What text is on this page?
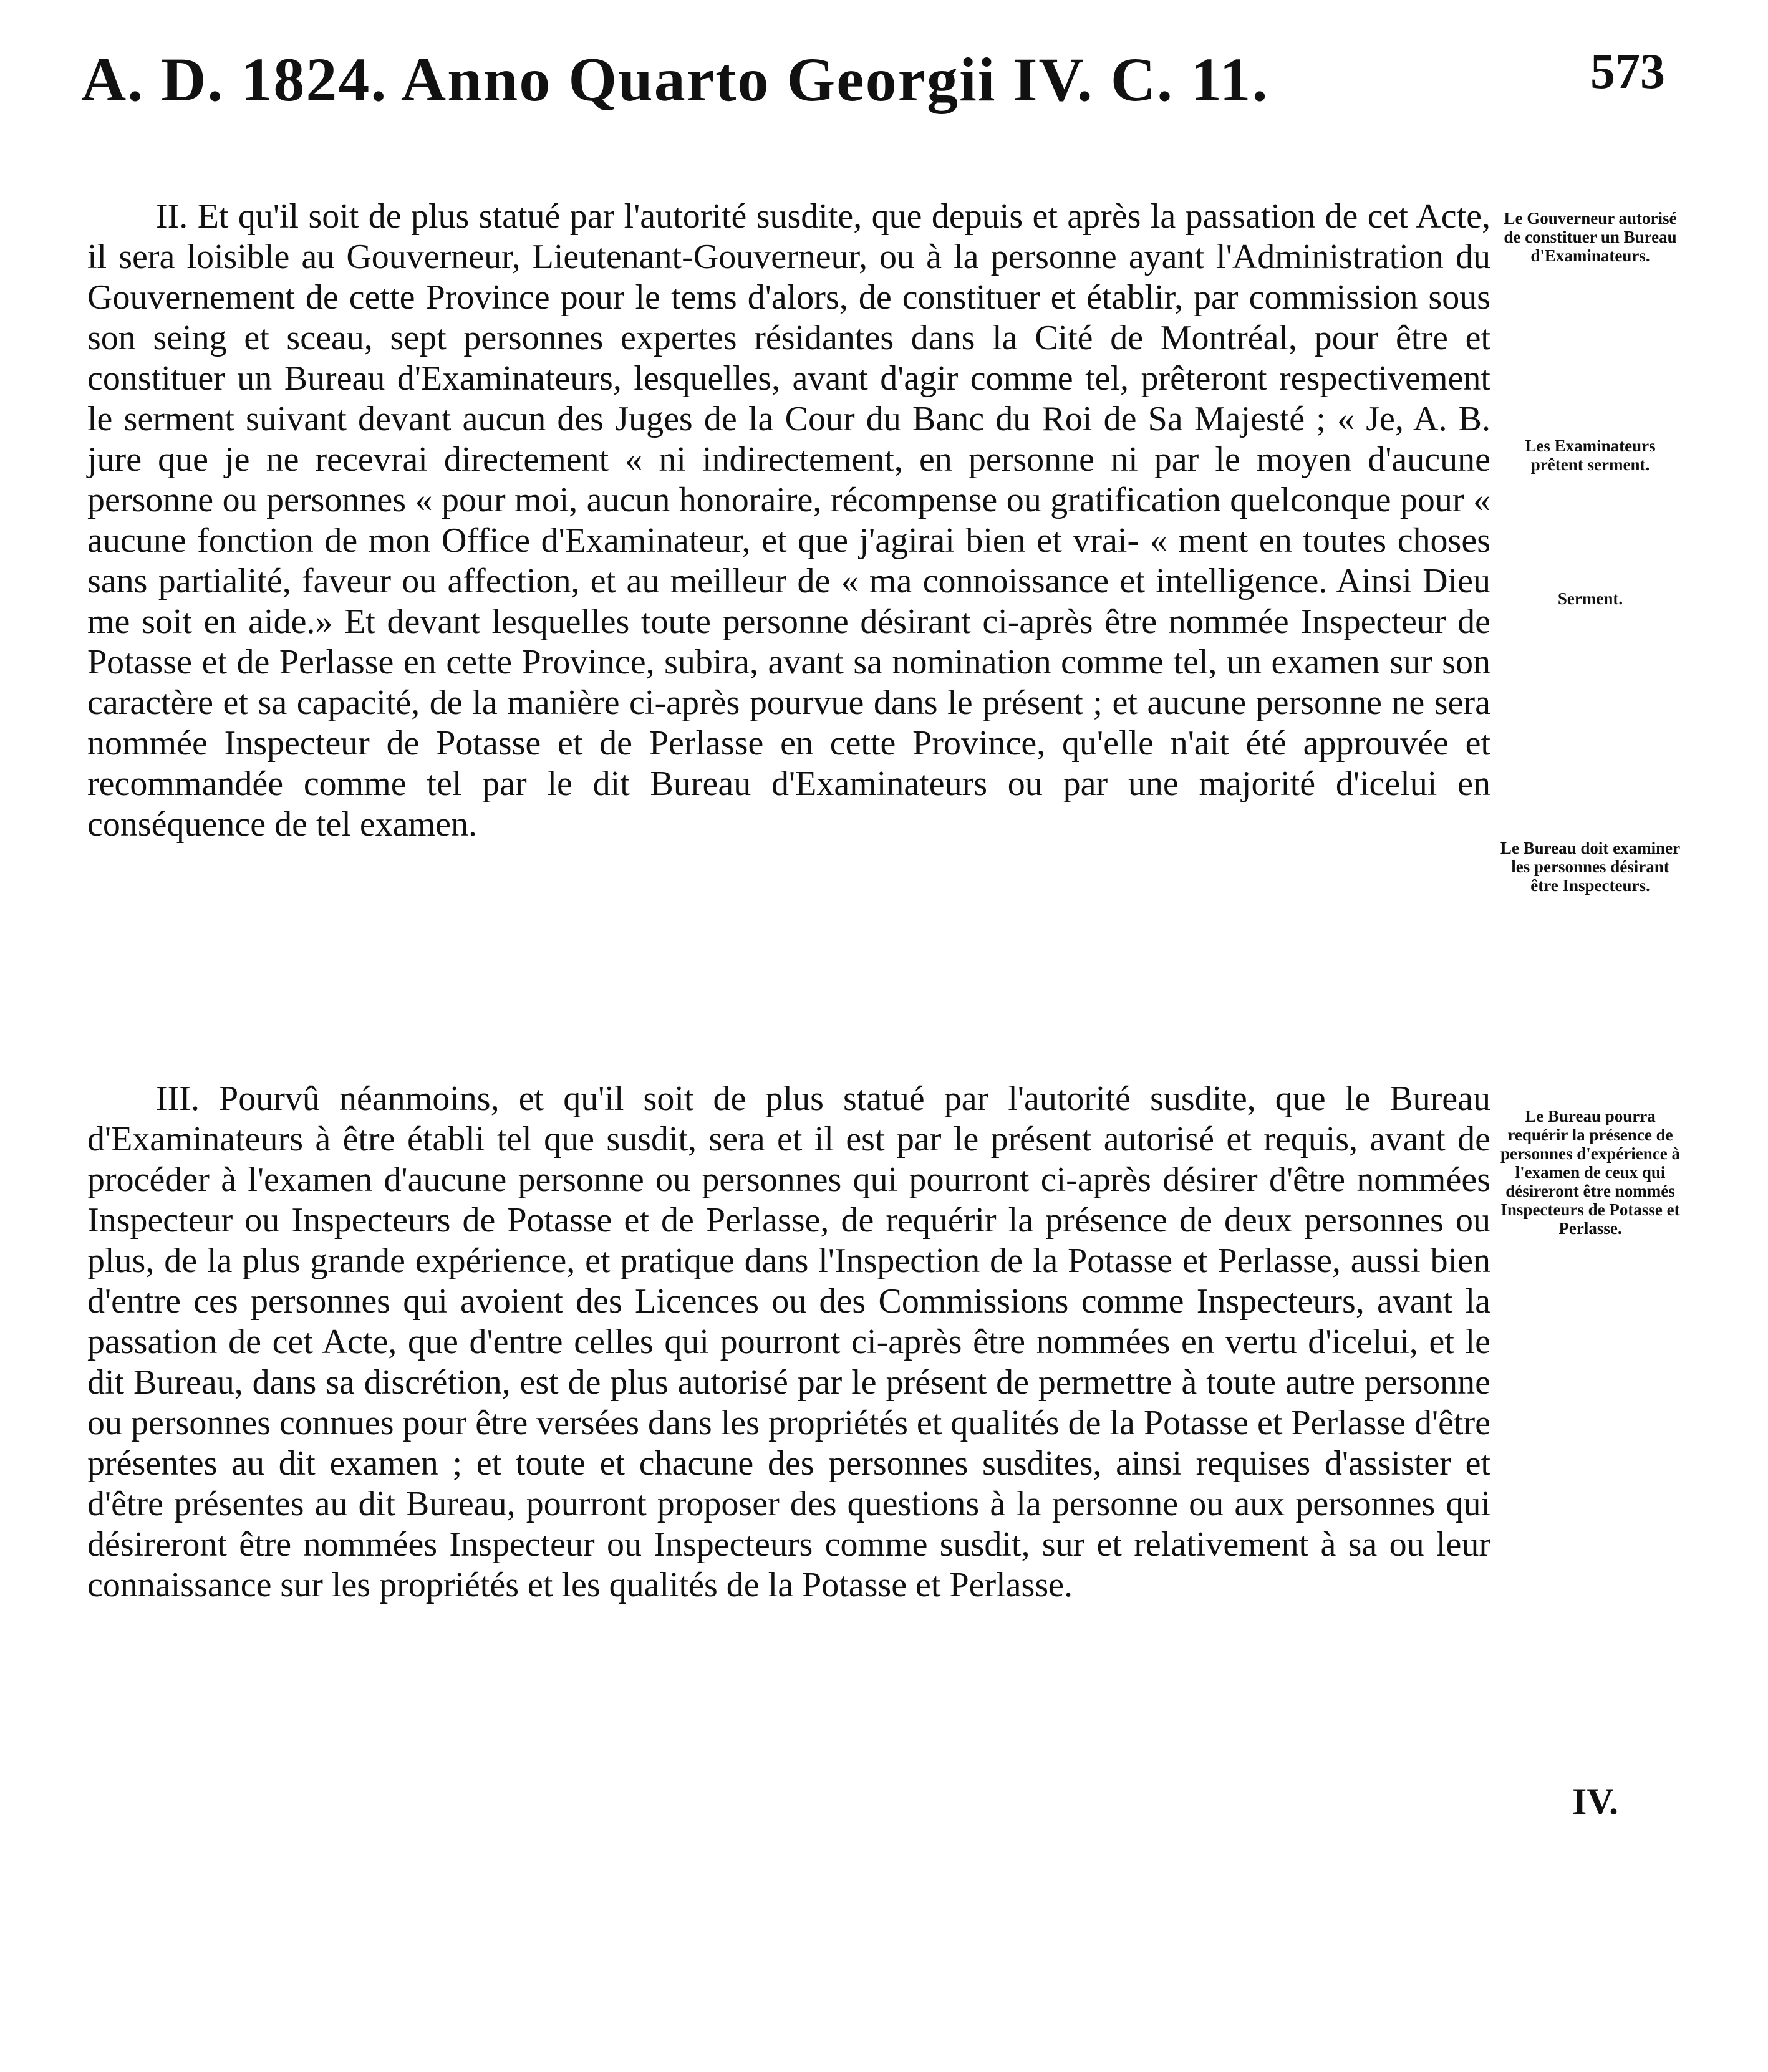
A. D. 1824. Anno Quarto Georgii IV. C. 11.	573

II. Et qu'il soit de plus statué par l'autorité susdite, que depuis et après la passation de cet Acte, il sera loisible au Gouverneur, Lieutenant-Gouverneur, ou à la personne ayant l'Administration du Gouvernement de cette Province pour le tems d'alors, de constituer et établir, par commission sous son seing et sceau, sept personnes expertes résidantes dans la Cité de Montréal, pour être et constituer un Bureau d'Examinateurs, lesquelles, avant d'agir comme tel, prêteront respectivement le serment suivant devant aucun des Juges de la Cour du Banc du Roi de Sa Majesté ; « Je, A. B. jure que je ne recevrai directement « ni indirectement, en personne ni par le moyen d'aucune personne ou personnes « pour moi, aucun honoraire, récompense ou gratification quelconque pour « aucune fonction de mon Office d'Examinateur, et que j'agirai bien et vrai- « ment en toutes choses sans partialité, faveur ou affection, et au meilleur de « ma connoissance et intelligence. Ainsi Dieu me soit en aide.» Et devant lesquelles toute personne désirant ci-après être nommée Inspecteur de Potasse et de Perlasse en cette Province, subira, avant sa nomination comme tel, un examen sur son caractère et sa capacité, de la manière ci-après pourvue dans le présent ; et aucune personne ne sera nommée Inspecteur de Potasse et de Perlasse en cette Province, qu'elle n'ait été approuvée et recommandée comme tel par le dit Bureau d'Examinateurs ou par une majorité d'icelui en conséquence de tel examen.

III. Pourvû néanmoins, et qu'il soit de plus statué par l'autorité susdite, que le Bureau d'Examinateurs à être établi tel que susdit, sera et il est par le présent autorisé et requis, avant de procéder à l'examen d'aucune personne ou personnes qui pourront ci-après désirer d'être nommées Inspecteur ou Inspecteurs de Potasse et de Perlasse, de requérir la présence de deux personnes ou plus, de la plus grande expérience, et pratique dans l'Inspection de la Potasse et Perlasse, aussi bien d'entre ces personnes qui avoient des Licences ou des Commissions comme Inspecteurs, avant la passation de cet Acte, que d'entre celles qui pourront ci-après être nommées en vertu d'icelui, et le dit Bureau, dans sa discrétion, est de plus autorisé par le présent de permettre à toute autre personne ou personnes connues pour être versées dans les propriétés et qualités de la Potasse et Perlasse d'être présentes au dit examen ; et toute et chacune des personnes susdites, ainsi requises d'assister et d'être présentes au dit Bureau, pourront proposer des questions à la personne ou aux personnes qui désireront être nommées Inspecteur ou Inspecteurs comme susdit, sur et relativement à sa ou leur connaissance sur les propriétés et les qualités de la Potasse et Perlasse.

Le Gouverneur autorisé de constituer un Bureau d'Examinateurs.
Les Examinateurs prêtent serment.
Serment.
Le Bureau doit examiner les personnes désirant être Inspecteurs.
Le Bureau pourra requérir la présence de personnes d'expérience à l'examen de ceux qui désireront être nommés Inspecteurs de Potasse et Perlasse.
IV.
